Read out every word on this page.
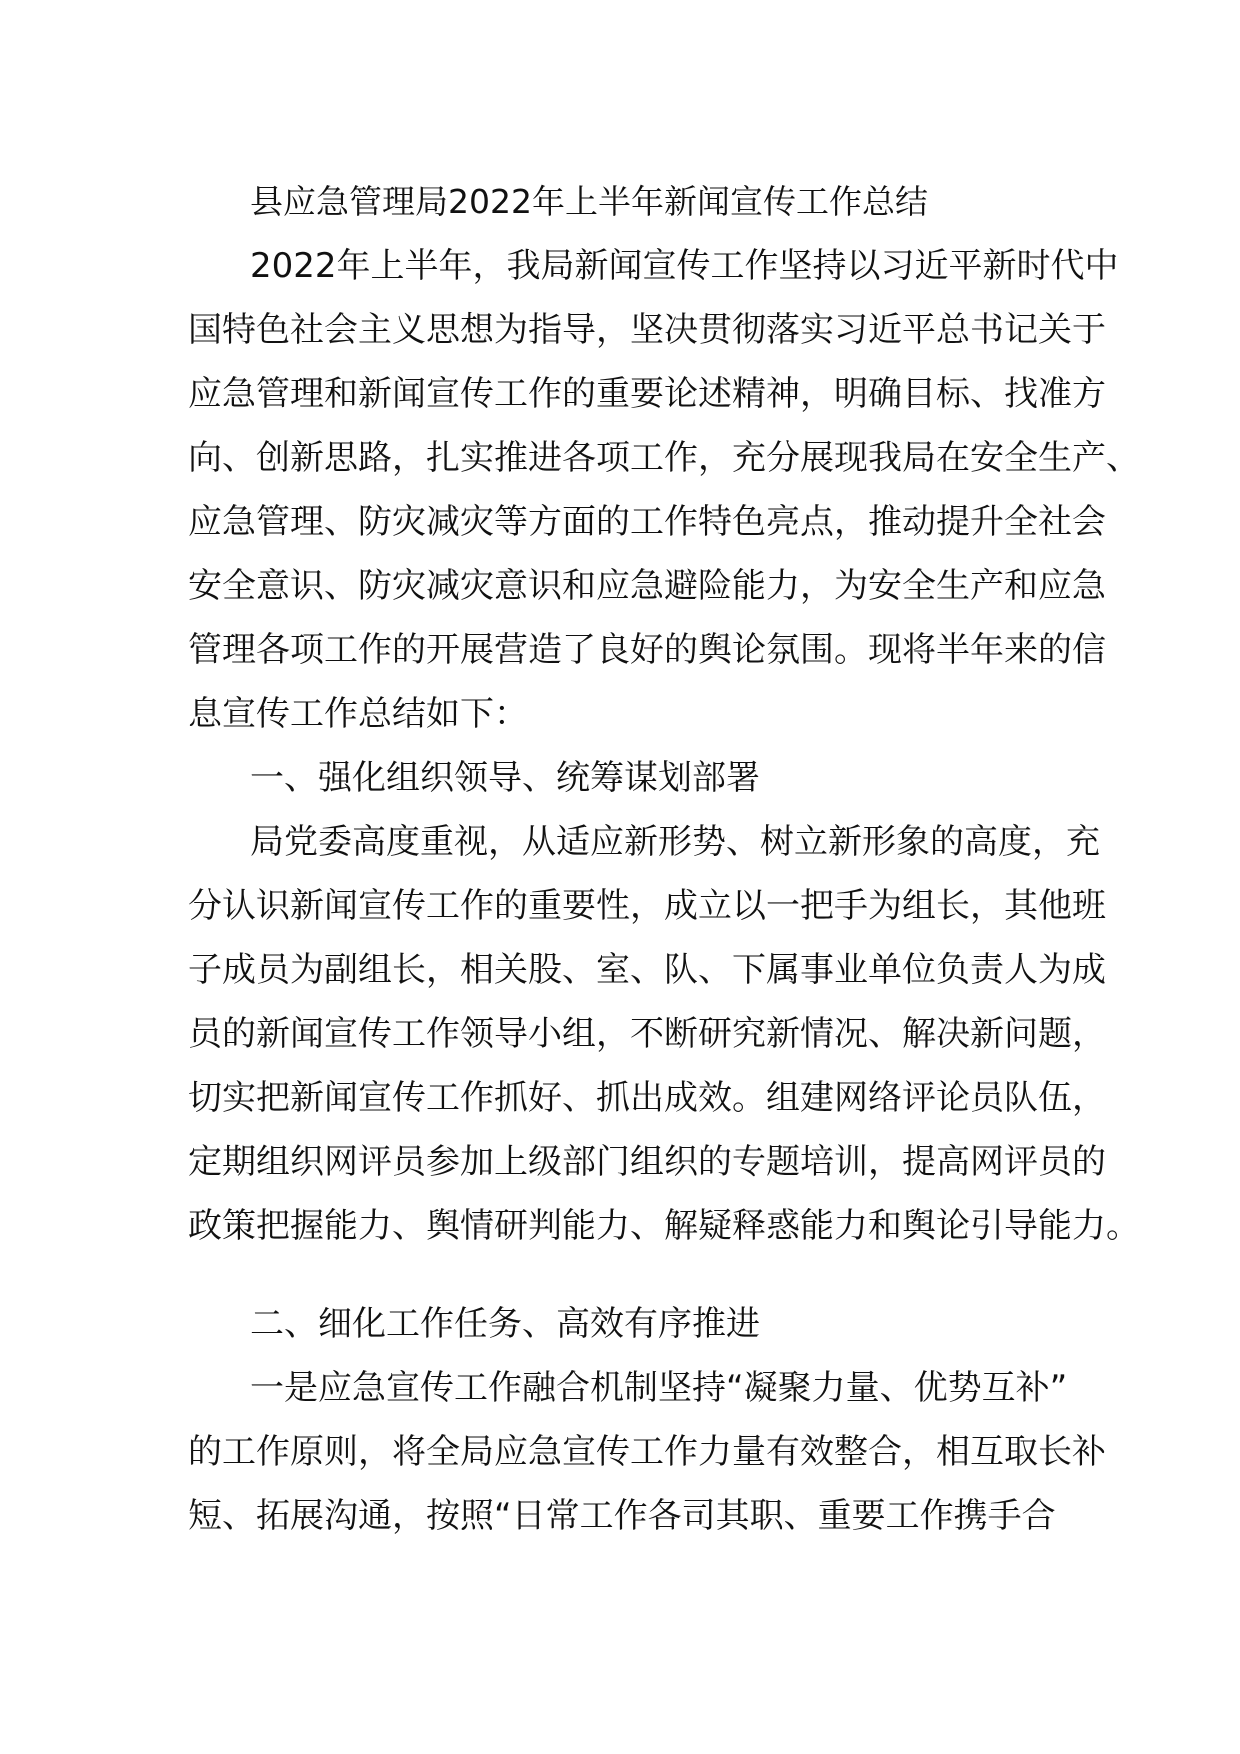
县应急管理局2022年上半年新闻宣传工作总结
2022年上半年，我局新闻宣传工作坚持以习近平新时代中
国特色社会主义思想为指导，坚决贯彻落实习近平总书记关于
应急管理和新闻宣传工作的重要论述精神，明确目标、找准方
向、创新思路，扎实推进各项工作，充分展现我局在安全生产、
应急管理、防灾减灾等方面的工作特色亮点，推动提升全社会
安全意识、防灾减灾意识和应急避险能力，为安全生产和应急
管理各项工作的开展营造了良好的舆论氛围。现将半年来的信
息宣传工作总结如下：
一、强化组织领导、统筹谋划部署
局党委高度重视，从适应新形势、树立新形象的高度，充
分认识新闻宣传工作的重要性，成立以一把手为组长，其他班
子成员为副组长，相关股、室、队、下属事业单位负责人为成
员的新闻宣传工作领导小组，不断研究新情况、解决新问题，
切实把新闻宣传工作抓好、抓出成效。组建网络评论员队伍，
定期组织网评员参加上级部门组织的专题培训，提高网评员的
政策把握能力、舆情研判能力、解疑释惑能力和舆论引导能力。
二、细化工作任务、高效有序推进
一是应急宣传工作融合机制坚持“凝聚力量、优势互补”
的工作原则，将全局应急宣传工作力量有效整合，相互取长补
短、拓展沟通，按照“日常工作各司其职、重要工作携手合
